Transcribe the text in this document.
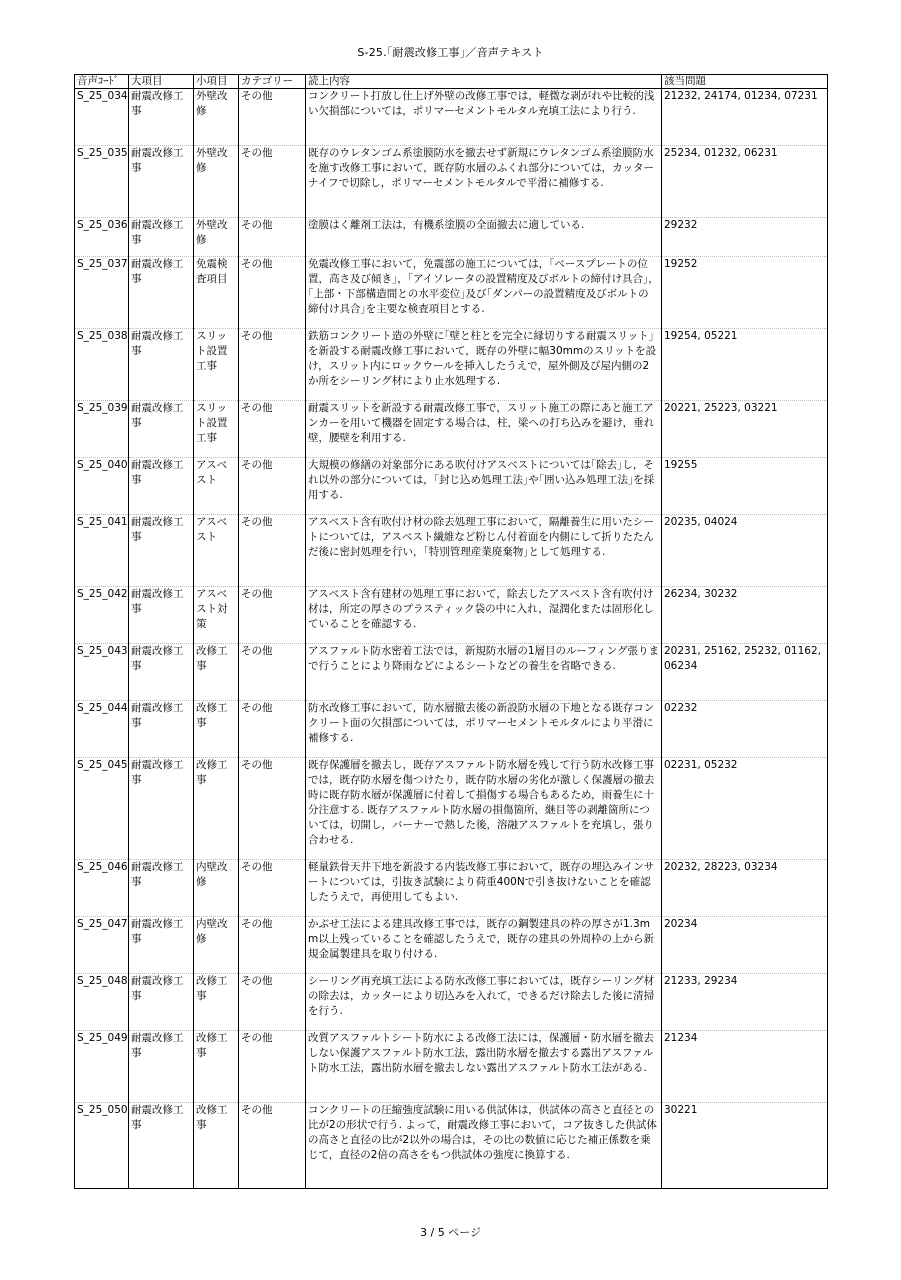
S-25.｢耐震改修工事｣／音声テキスト
音声ｺｰﾄﾞ	大項目	小項目	カテゴリー	読上内容	該当問題
S_25_034	耐震改修工事	外壁改修	その他	コンクリート打放し仕上げ外壁の改修工事では，軽微な剥がれや比較的浅い欠損部については，ポリマーセメントモルタル充填工法により行う.	21232, 24174, 01234, 07231
S_25_035	耐震改修工事	外壁改修	その他	既存のウレタンゴム系塗膜防水を撤去せず新規にウレタンゴム系塗膜防水を施す改修工事において，既存防水層のふくれ部分については，カッターナイフで切除し，ポリマーセメントモルタルで平滑に補修する.	25234, 01232, 06231
S_25_036	耐震改修工事	外壁改修	その他	塗膜はく離剤工法は，有機系塗膜の全面撤去に適している.	29232
S_25_037	耐震改修工事	免震検査項目	その他	免震改修工事において，免震部の施工については，｢ベースプレートの位置，高さ及び傾き｣，｢アイソレータの設置精度及びボルトの締付け具合｣，｢上部・下部構造間との水平変位｣及び｢ダンパーの設置精度及びボルトの締付け具合｣を主要な検査項目とする.	19252
S_25_038	耐震改修工事	スリット設置工事	その他	鉄筋コンクリート造の外壁に｢壁と柱とを完全に縁切りする耐震スリット｣を新設する耐震改修工事において，既存の外壁に幅30mmのスリットを設け，スリット内にロックウールを挿入したうえで，屋外側及び屋内側の2か所をシーリング材により止水処理する.	19254, 05221
S_25_039	耐震改修工事	スリット設置工事	その他	耐震スリットを新設する耐震改修工事で，スリット施工の際にあと施工アンカーを用いて機器を固定する場合は，柱，梁への打ち込みを避け，垂れ壁，腰壁を利用する.	20221, 25223, 03221
S_25_040	耐震改修工事	アスベスト	その他	大規模の修繕の対象部分にある吹付けアスベストについては｢除去｣し，それ以外の部分については，｢封じ込め処理工法｣や｢囲い込み処理工法｣を採用する.	19255
S_25_041	耐震改修工事	アスベスト	その他	アスベスト含有吹付け材の除去処理工事において，隔離養生に用いたシートについては，アスベスト繊維など粉じん付着面を内側にして折りたたんだ後に密封処理を行い，｢特別管理産業廃棄物｣として処理する.	20235, 04024
S_25_042	耐震改修工事	アスベスト対策	その他	アスベスト含有建材の処理工事において，除去したアスベスト含有吹付け材は，所定の厚さのプラスティック袋の中に入れ，湿潤化または固形化していることを確認する.	26234, 30232
S_25_043	耐震改修工事	改修工事	その他	アスファルト防水密着工法では，新規防水層の1層目のルーフィング張りまで行うことにより降雨などによるシートなどの養生を省略できる.	20231, 25162, 25232, 01162, 06234
S_25_044	耐震改修工事	改修工事	その他	防水改修工事において，防水層撤去後の新設防水層の下地となる既存コンクリート面の欠損部については，ポリマーセメントモルタルにより平滑に補修する.	02232
S_25_045	耐震改修工事	改修工事	その他	既存保護層を撤去し，既存アスファルト防水層を残して行う防水改修工事では，既存防水層を傷つけたり，既存防水層の劣化が激しく保護層の撤去時に既存防水層が保護層に付着して損傷する場合もあるため，雨養生に十分注意する. 既存アスファルト防水層の損傷箇所，継目等の剥離箇所については，切開し，バーナーで熱した後，溶融アスファルトを充填し，張り合わせる.	02231, 05232
S_25_046	耐震改修工事	内壁改修	その他	軽量鉄骨天井下地を新設する内装改修工事において，既存の埋込みインサートについては，引抜き試験により荷重400Nで引き抜けないことを確認したうえで，再使用してもよい.	20232, 28223, 03234
S_25_047	耐震改修工事	内壁改修	その他	かぶせ工法による建具改修工事では，既存の鋼製建具の枠の厚さが1.3mm以上残っていることを確認したうえで，既存の建具の外周枠の上から新規金属製建具を取り付ける.	20234
S_25_048	耐震改修工事	改修工事	その他	シーリング再充填工法による防水改修工事においては，既存シーリング材の除去は，カッターにより切込みを入れて，できるだけ除去した後に清掃を行う.	21233, 29234
S_25_049	耐震改修工事	改修工事	その他	改質アスファルトシート防水による改修工法には，保護層・防水層を撤去しない保護アスファルト防水工法，露出防水層を撤去する露出アスファルト防水工法，露出防水層を撤去しない露出アスファルト防水工法がある.	21234
S_25_050	耐震改修工事	改修工事	その他	コンクリートの圧縮強度試験に用いる供試体は，供試体の高さと直径との比が2の形状で行う. よって，耐震改修工事において，コア抜きした供試体の高さと直径の比が2以外の場合は，その比の数値に応じた補正係数を乗じて，直径の2倍の高さをもつ供試体の強度に換算する.	30221
3 / 5 ページ
